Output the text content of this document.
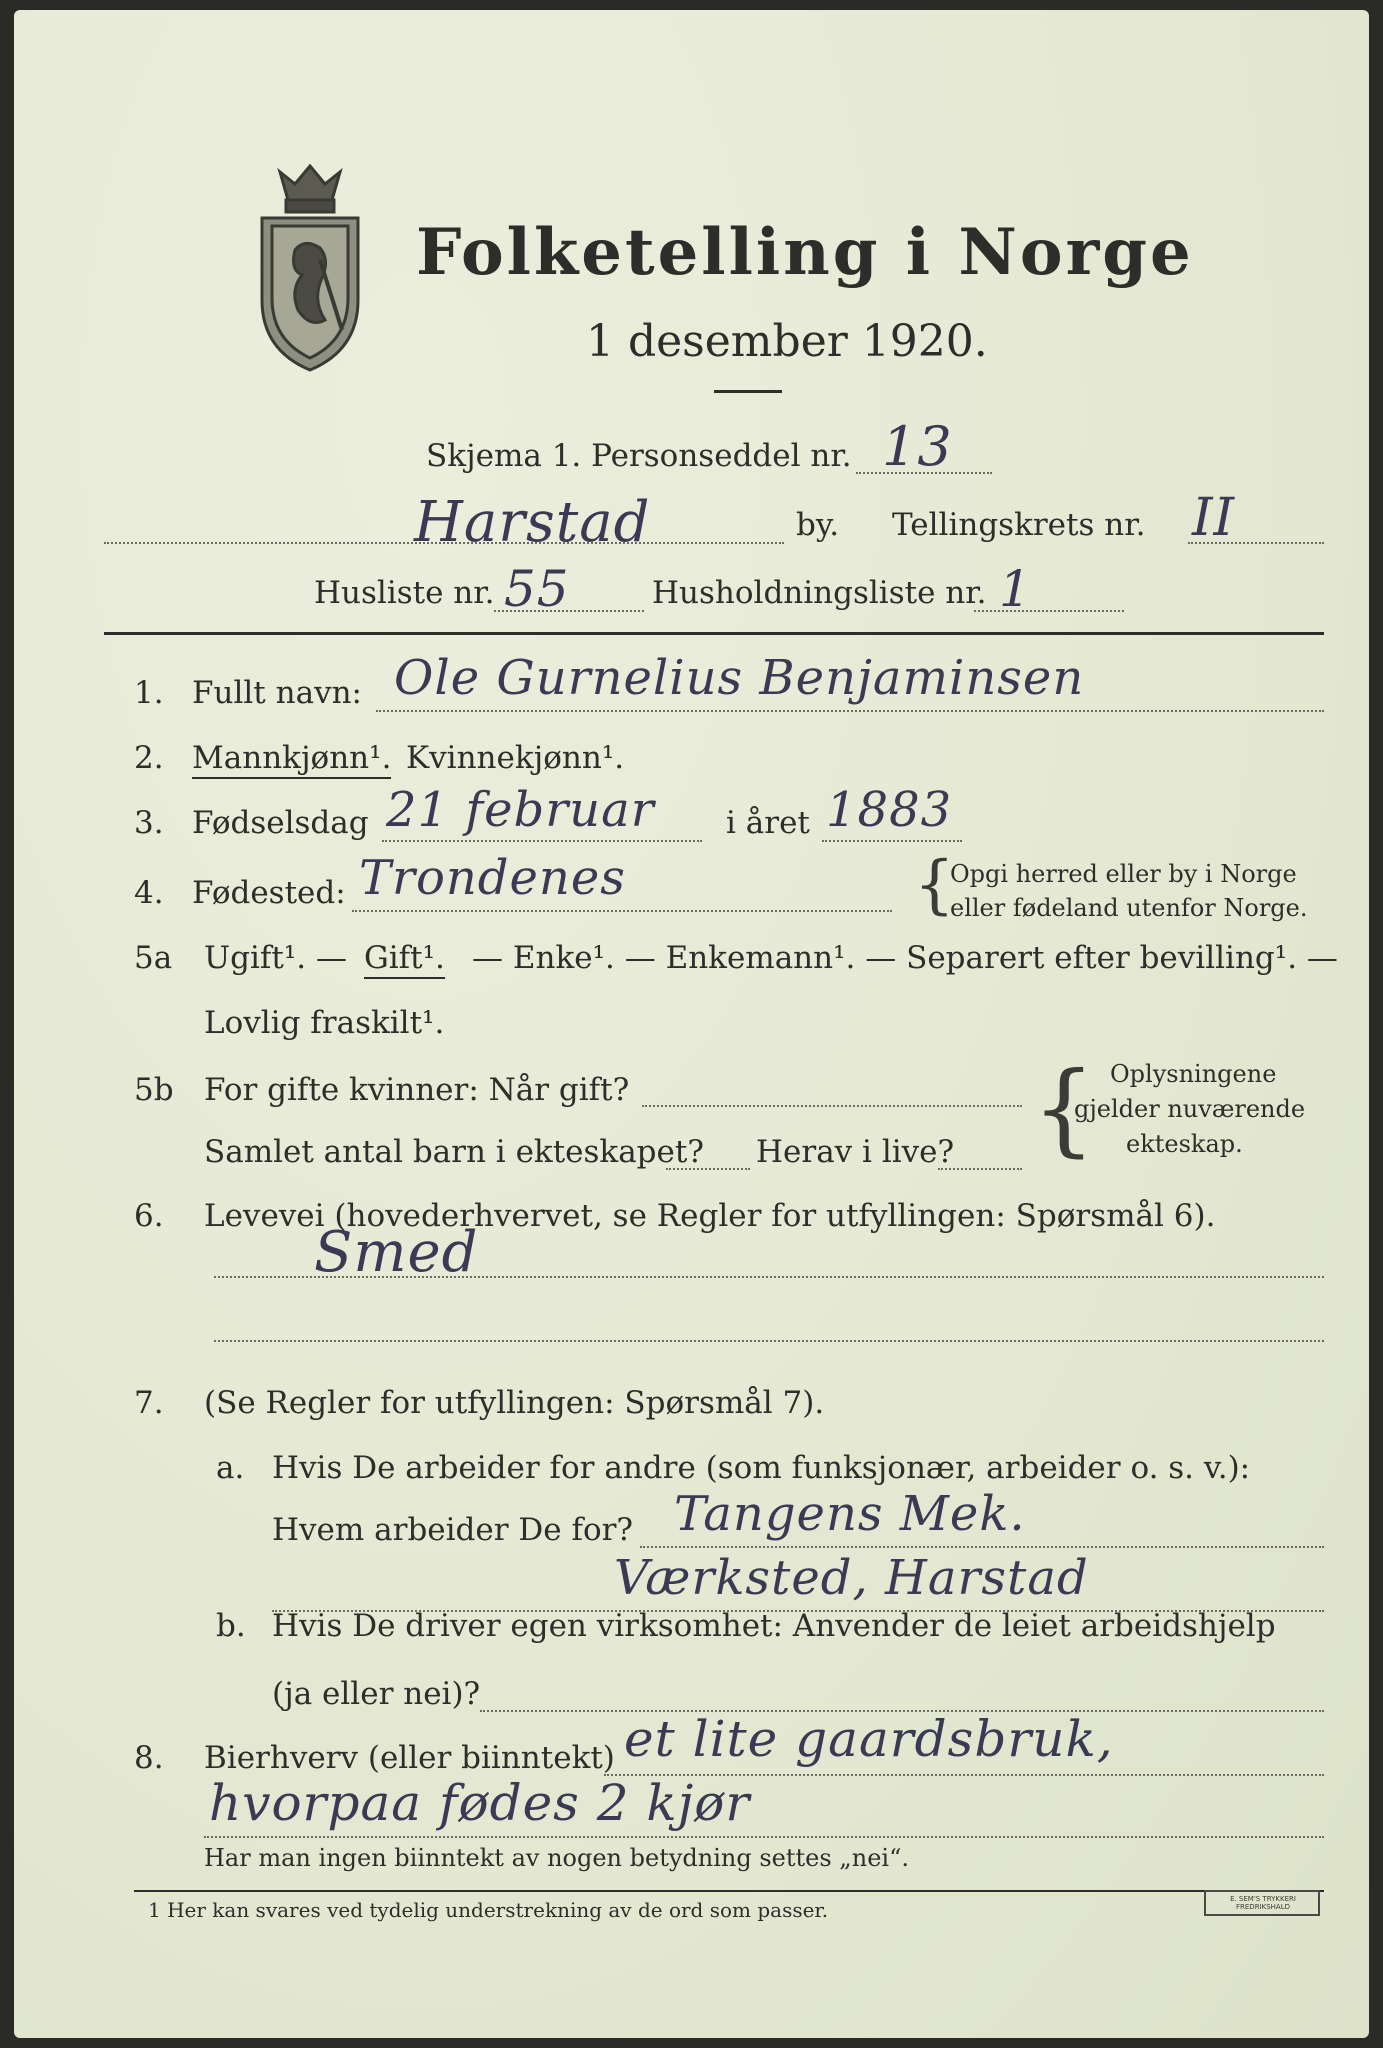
Folketelling i Norge
1 desember 1920.
Skjema 1. Personseddel nr. 13
Harstad	by. Tellingskrets nr. II
Husliste nr. 55	Husholdningsliste nr. 1
1. Fullt navn: Ole Gurnelius Benjaminsen
2. Mannkjønn¹. Kvinnekjønn¹.
3. Fødselsdag 21 februar i året 1883
4. Fødested: Trondenes	{
Opgi herred eller by i Norge
eller fødeland utenfor Norge.
5a Ugift¹. — Gift¹. — Enke¹. — Enkemann¹. — Separert efter bevilling¹. —
Lovlig fraskilt¹.
5b For gifte kvinner: Når gift?
Samlet antal barn i ekteskapet? Herav i live? { Oplysningene
gjelder nuværende
ekteskap.
6. Levevei (hovederhvervet, se Regler for utfyllingen: Spørsmål 6).
Smed
7. (Se Regler for utfyllingen: Spørsmål 7).
a. Hvis De arbeider for andre (som funksjonær, arbeider o. s. v.):
Hvem arbeider De for? Tangens Mek.
Værksted, Harstad
b. Hvis De driver egen virksomhet: Anvender de leiet arbeidshjelp
(ja eller nei)?
8. Bierhverv (eller biinntekt) et lite gaardsbruk,
hvorpaa fødes 2 kjør
Har man ingen biinntekt av nogen betydning settes „nei“.
1 Her kan svares ved tydelig understrekning av de ord som passer.	E. SEM'S TRYKKERI FREDRIKSHALD
